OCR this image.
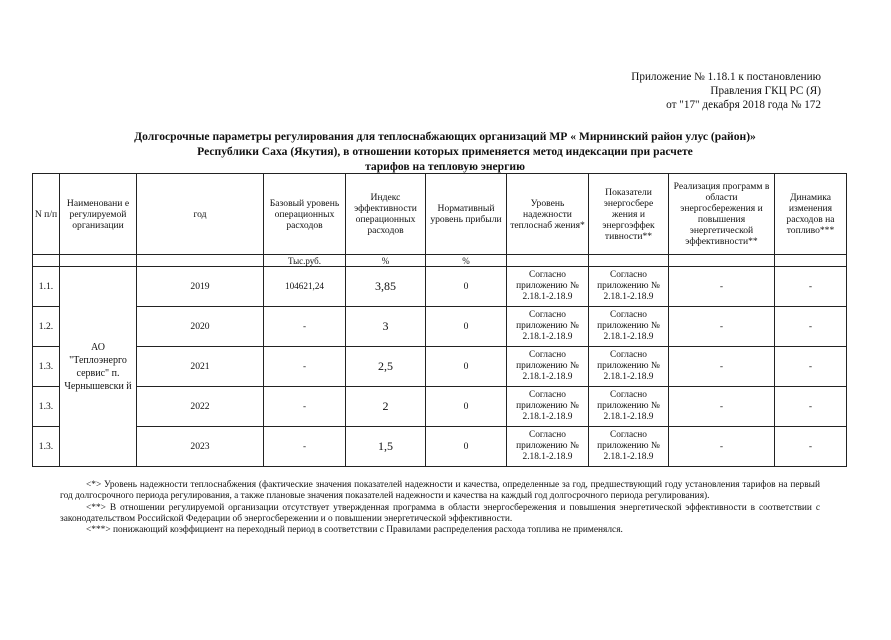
Приложение № 1.18.1 к постановлению
Правления ГКЦ РС (Я)
от "17" декабря 2018 года № 172
Долгосрочные параметры регулирования для теплоснабжающих организаций МР « Мирнинский район улус (район)»
Республики Саха (Якутия), в отношении которых применяется метод индексации при расчете
тарифов на тепловую энергию
N п/п	Наименовани е регулируемой организации	год	Базовый уровень операционных расходов	Индекс эффективности операционных расходов	Нормативный уровень прибыли	Уровень надежности теплоснаб жения*	Показатели энергосбере жения и энергоэффек тивности**	Реализация программ в области энергосбережения и повышения энергетической эффективности**	Динамика изменения расходов на топливо***
			Тыс.руб.	%	%				
1.1.	АО "Теплоэнерго сервис" п. Чернышевски й	2019	104621,24	3,85	0	Согласно приложению № 2.18.1-2.18.9	Согласно приложению № 2.18.1-2.18.9	-	-
1.2.		2020	-	3	0	Согласно приложению № 2.18.1-2.18.9	Согласно приложению № 2.18.1-2.18.9	-	-
1.3.		2021	-	2,5	0	Согласно приложению № 2.18.1-2.18.9	Согласно приложению № 2.18.1-2.18.9	-	-
1.3.		2022	-	2	0	Согласно приложению № 2.18.1-2.18.9	Согласно приложению № 2.18.1-2.18.9	-	-
1.3.		2023	-	1,5	0	Согласно приложению № 2.18.1-2.18.9	Согласно приложению № 2.18.1-2.18.9	-	-

<*> Уровень надежности теплоснабжения (фактические значения показателей надежности и качества, определенные за год, предшествующий году установления тарифов на первый год долгосрочного периода регулирования, а также плановые значения показателей надежности и качества на каждый год долгосрочного периода регулирования).

<**> В отношении регулируемой организации отсутствует утвержденная программа в области энергосбережения и повышения энергетической эффективности в соответствии с законодательством Российской Федерации об энергосбережении и о повышении энергетической эффективности.

<***> понижающий коэффициент на переходный период в соответствии с Правилами распределения расхода топлива не применялся.
